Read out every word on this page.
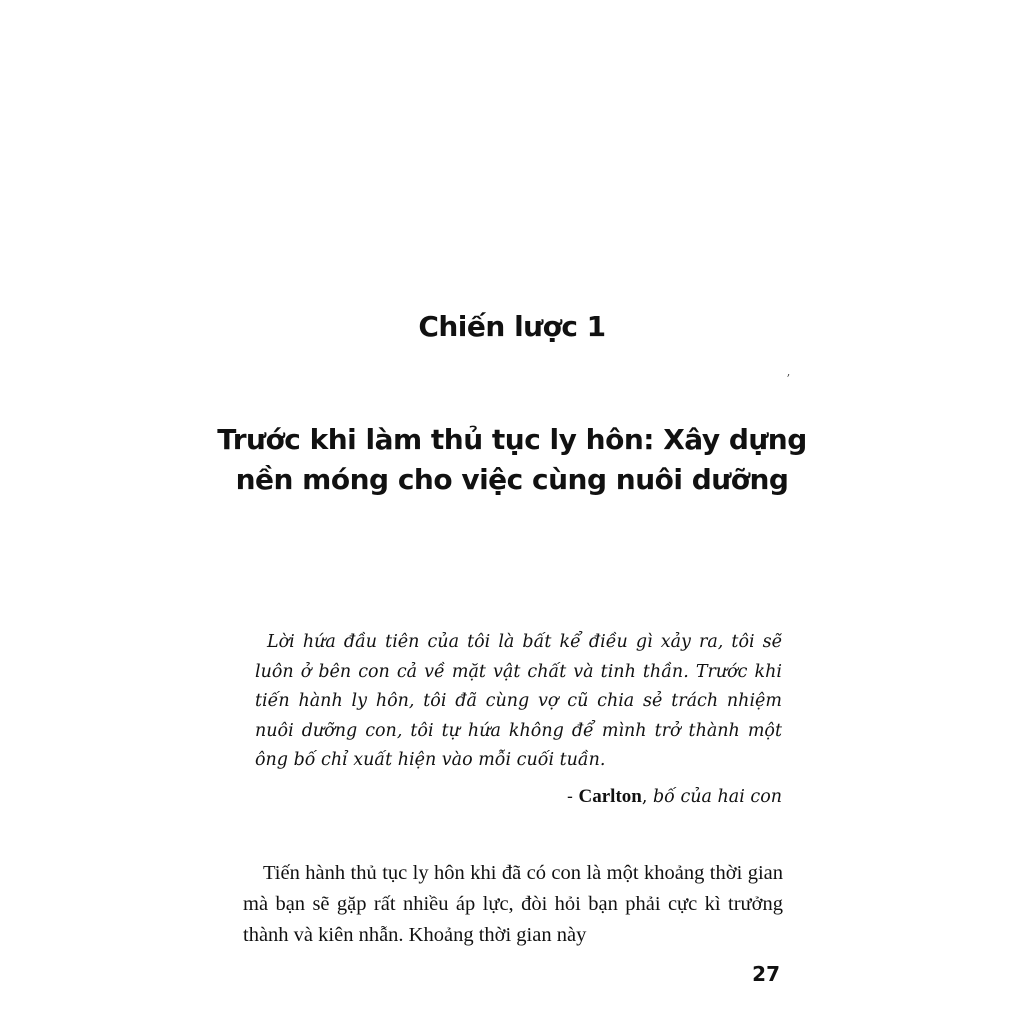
Chiến lược 1
ʼ
Trước khi làm thủ tục ly hôn: Xây dựng nền móng cho việc cùng nuôi dưỡng

Lời hứa đầu tiên của tôi là bất kể điều gì xảy ra, tôi sẽ luôn ở bên con cả về mặt vật chất và tinh thần. Trước khi tiến hành ly hôn, tôi đã cùng vợ cũ chia sẻ trách nhiệm nuôi dưỡng con, tôi tự hứa không để mình trở thành một ông bố chỉ xuất hiện vào mỗi cuối tuần.

- Carlton, bố của hai con

Tiến hành thủ tục ly hôn khi đã có con là một khoảng thời gian mà bạn sẽ gặp rất nhiều áp lực, đòi hỏi bạn phải cực kì trưởng thành và kiên nhẫn. Khoảng thời gian này

27
